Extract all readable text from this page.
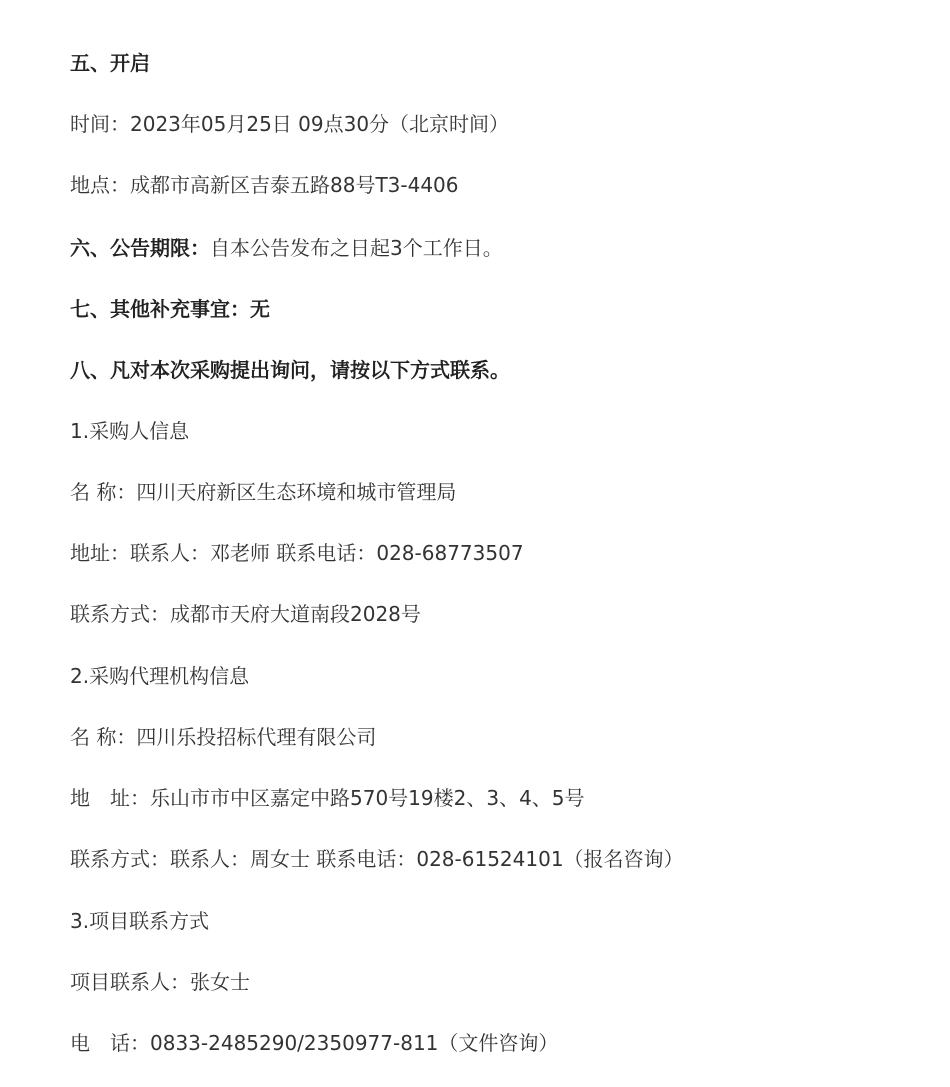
五、开启

时间：2023年05月25日 09点30分（北京时间）

地点：成都市高新区吉泰五路88号T3-4406

六、公告期限：自本公告发布之日起3个工作日。

七、其他补充事宜：无

八、凡对本次采购提出询问，请按以下方式联系。

1.采购人信息

名 称：四川天府新区生态环境和城市管理局

地址：联系人：邓老师 联系电话：028-68773507

联系方式：成都市天府大道南段2028号

2.采购代理机构信息

名 称：四川乐投招标代理有限公司

地　址：乐山市市中区嘉定中路570号19楼2、3、4、5号

联系方式：联系人：周女士 联系电话：028-61524101（报名咨询）

3.项目联系方式

项目联系人：张女士

电　话：0833-2485290/2350977-811（文件咨询）
